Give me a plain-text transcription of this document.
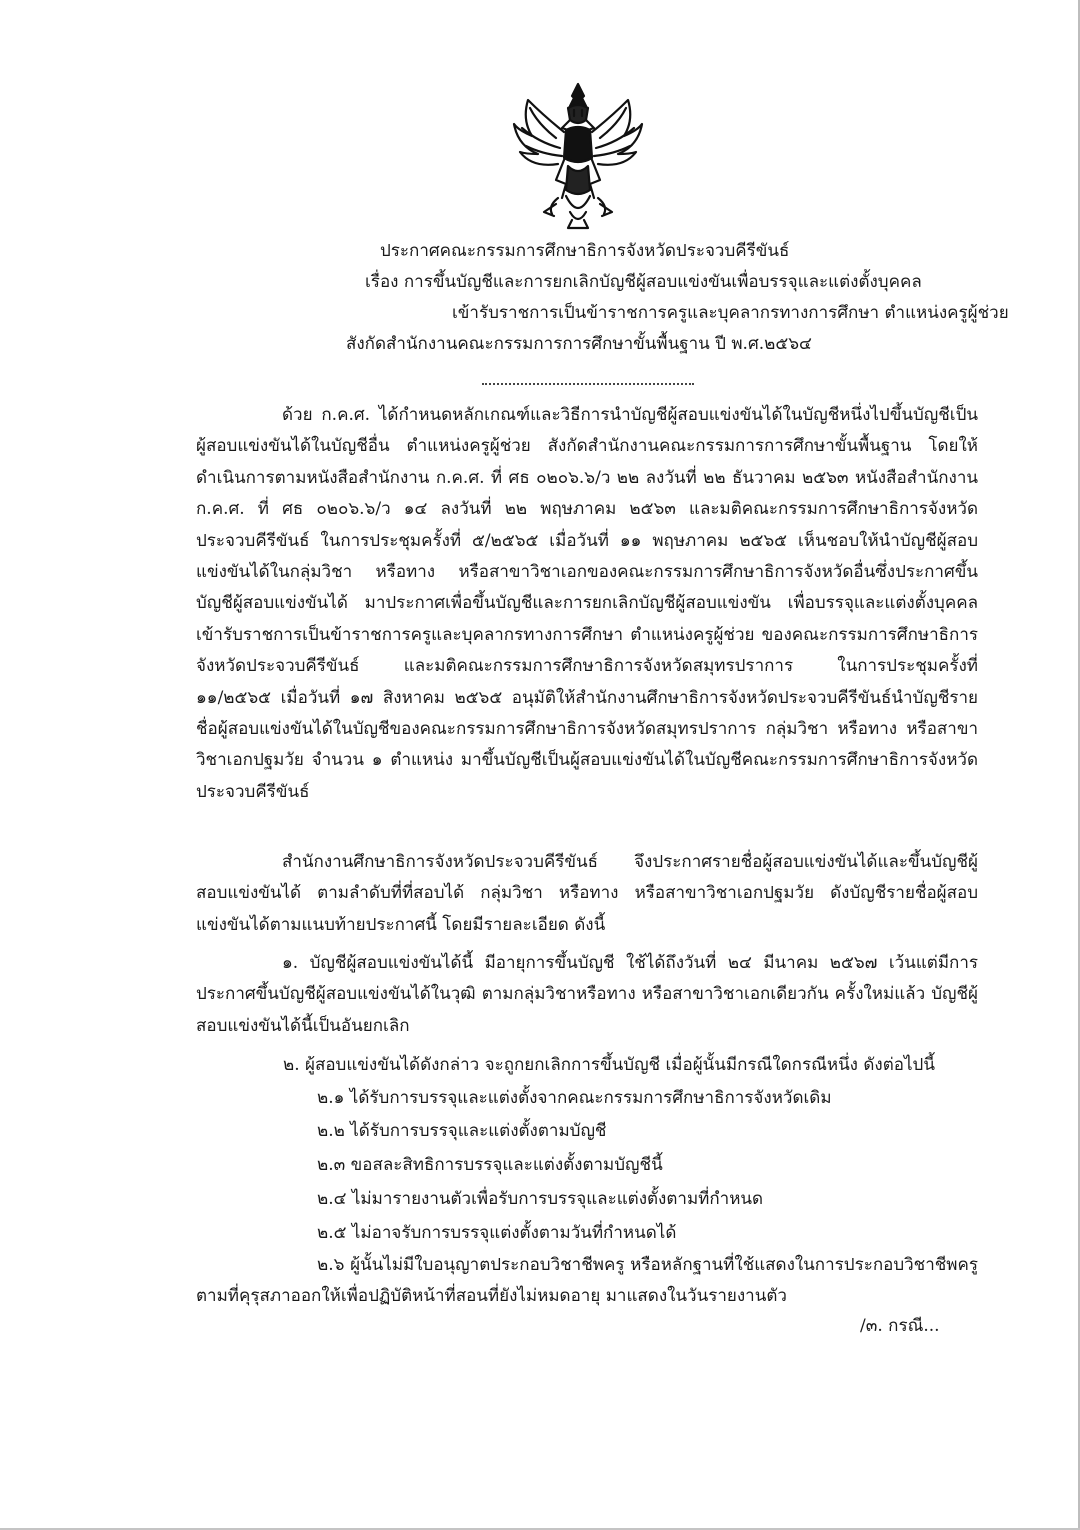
ประกาศคณะกรรมการศึกษาธิการจังหวัดประจวบคีรีขันธ์
เรื่อง การขึ้นบัญชีและการยกเลิกบัญชีผู้สอบแข่งขันเพื่อบรรจุและแต่งตั้งบุคคล
เข้ารับราชการเป็นข้าราชการครูและบุคลากรทางการศึกษา ตำแหน่งครูผู้ช่วย
สังกัดสำนักงานคณะกรรมการการศึกษาขั้นพื้นฐาน ปี พ.ศ.๒๕๖๔
ด้วย ก.ค.ศ. ได้กำหนดหลักเกณฑ์และวิธีการนำบัญชีผู้สอบแข่งขันได้ในบัญชีหนึ่งไปขึ้นบัญชีเป็นผู้สอบแข่งขันได้ในบัญชีอื่น ตำแหน่งครูผู้ช่วย สังกัดสำนักงานคณะกรรมการการศึกษาขั้นพื้นฐาน โดยให้ดำเนินการตามหนังสือสำนักงาน ก.ค.ศ. ที่ ศธ ๐๒๐๖.๖/ว ๒๒ ลงวันที่ ๒๒ ธันวาคม ๒๕๖๓ หนังสือสำนักงาน ก.ค.ศ. ที่ ศธ ๐๒๐๖.๖/ว ๑๔ ลงวันที่ ๒๒ พฤษภาคม ๒๕๖๓ และมติคณะกรรมการศึกษาธิการจังหวัดประจวบคีรีขันธ์ ในการประชุมครั้งที่ ๕/๒๕๖๕ เมื่อวันที่ ๑๑ พฤษภาคม ๒๕๖๕ เห็นชอบให้นำบัญชีผู้สอบแข่งขันได้ในกลุ่มวิชา หรือทาง หรือสาขาวิชาเอกของคณะกรรมการศึกษาธิการจังหวัดอื่นซึ่งประกาศขึ้นบัญชีผู้สอบแข่งขันได้ มาประกาศเพื่อขึ้นบัญชีและการยกเลิกบัญชีผู้สอบแข่งขัน เพื่อบรรจุและแต่งตั้งบุคคลเข้ารับราชการเป็นข้าราชการครูและบุคลากรทางการศึกษา ตำแหน่งครูผู้ช่วย ของคณะกรรมการศึกษาธิการจังหวัดประจวบคีรีขันธ์ และมติคณะกรรมการศึกษาธิการจังหวัดสมุทรปราการ ในการประชุมครั้งที่ ๑๑/๒๕๖๕ เมื่อวันที่ ๑๗ สิงหาคม ๒๕๖๕ อนุมัติให้สำนักงานศึกษาธิการจังหวัดประจวบคีรีขันธ์นำบัญชีรายชื่อผู้สอบแข่งขันได้ในบัญชีของคณะกรรมการศึกษาธิการจังหวัดสมุทรปราการ กลุ่มวิชา หรือทาง หรือสาขาวิชาเอกปฐมวัย จำนวน ๑ ตำแหน่ง มาขึ้นบัญชีเป็นผู้สอบแข่งขันได้ในบัญชีคณะกรรมการศึกษาธิการจังหวัดประจวบคีรีขันธ์
สำนักงานศึกษาธิการจังหวัดประจวบคีรีขันธ์ จึงประกาศรายชื่อผู้สอบแข่งขันได้และขึ้นบัญชีผู้สอบแข่งขันได้ ตามลำดับที่ที่สอบได้ กลุ่มวิชา หรือทาง หรือสาขาวิชาเอกปฐมวัย ดังบัญชีรายชื่อผู้สอบแข่งขันได้ตามแนบท้ายประกาศนี้ โดยมีรายละเอียด ดังนี้
๑. บัญชีผู้สอบแข่งขันได้นี้ มีอายุการขึ้นบัญชี ใช้ได้ถึงวันที่ ๒๔ มีนาคม ๒๕๖๗ เว้นแต่มีการประกาศขึ้นบัญชีผู้สอบแข่งขันได้ในวุฒิ ตามกลุ่มวิชาหรือทาง หรือสาขาวิชาเอกเดียวกัน ครั้งใหม่แล้ว บัญชีผู้สอบแข่งขันได้นี้เป็นอันยกเลิก
๒. ผู้สอบแข่งขันได้ดังกล่าว จะถูกยกเลิกการขึ้นบัญชี เมื่อผู้นั้นมีกรณีใดกรณีหนึ่ง ดังต่อไปนี้
๒.๑ ได้รับการบรรจุและแต่งตั้งจากคณะกรรมการศึกษาธิการจังหวัดเดิม
๒.๒ ได้รับการบรรจุและแต่งตั้งตามบัญชี
๒.๓ ขอสละสิทธิการบรรจุและแต่งตั้งตามบัญชีนี้
๒.๔ ไม่มารายงานตัวเพื่อรับการบรรจุและแต่งตั้งตามที่กำหนด
๒.๕ ไม่อาจรับการบรรจุแต่งตั้งตามวันที่กำหนดได้
๒.๖ ผู้นั้นไม่มีใบอนุญาตประกอบวิชาชีพครู หรือหลักฐานที่ใช้แสดงในการประกอบวิชาชีพครูตามที่คุรุสภาออกให้เพื่อปฏิบัติหน้าที่สอนที่ยังไม่หมดอายุ มาแสดงในวันรายงานตัว
/๓. กรณี...
